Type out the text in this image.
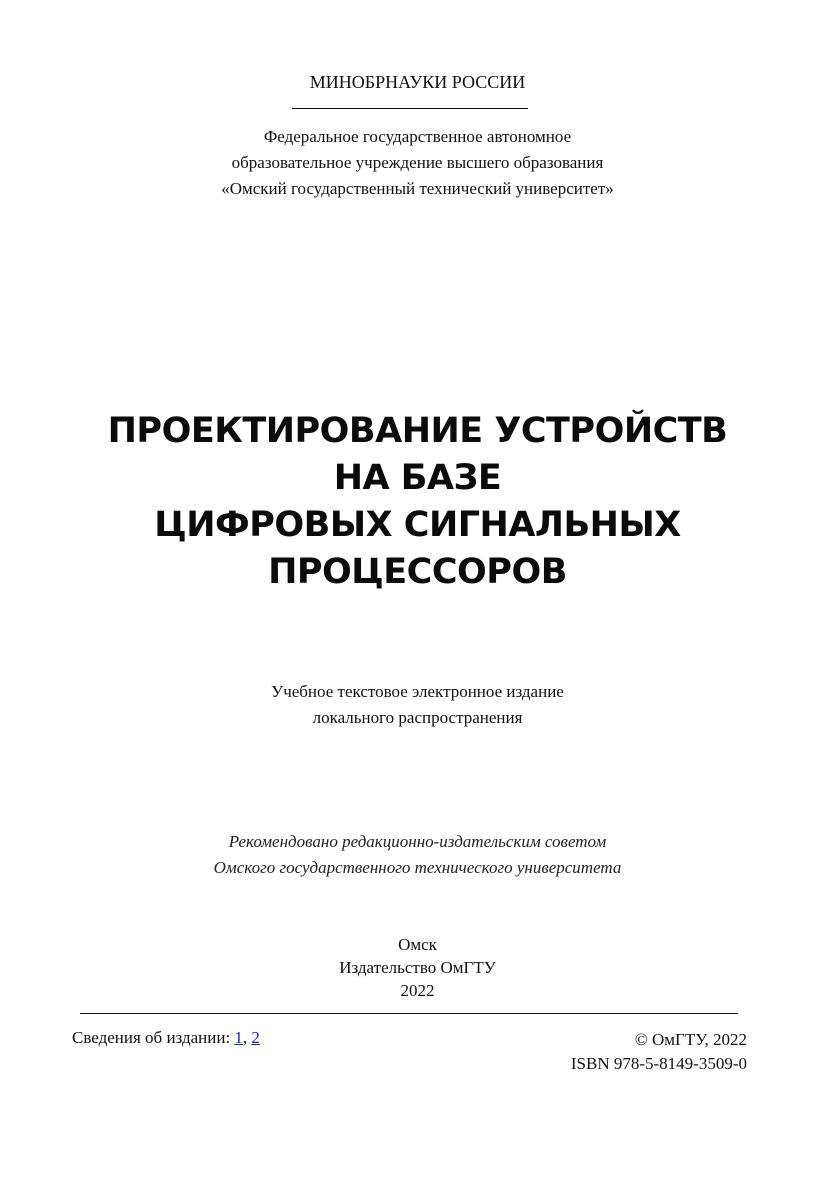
МИНОБРНАУКИ РОССИИ
Федеральное государственное автономное
образовательное учреждение высшего образования
«Омский государственный технический университет»
ПРОЕКТИРОВАНИЕ УСТРОЙСТВ
НА БАЗЕ
ЦИФРОВЫХ СИГНАЛЬНЫХ
ПРОЦЕССОРОВ
Учебное текстовое электронное издание
локального распространения
Рекомендовано редакционно-издательским советом
Омского государственного технического университета
Омск
Издательство ОмГТУ
2022
Сведения об издании: 1, 2	© ОмГТУ, 2022
ISBN 978-5-8149-3509-0
